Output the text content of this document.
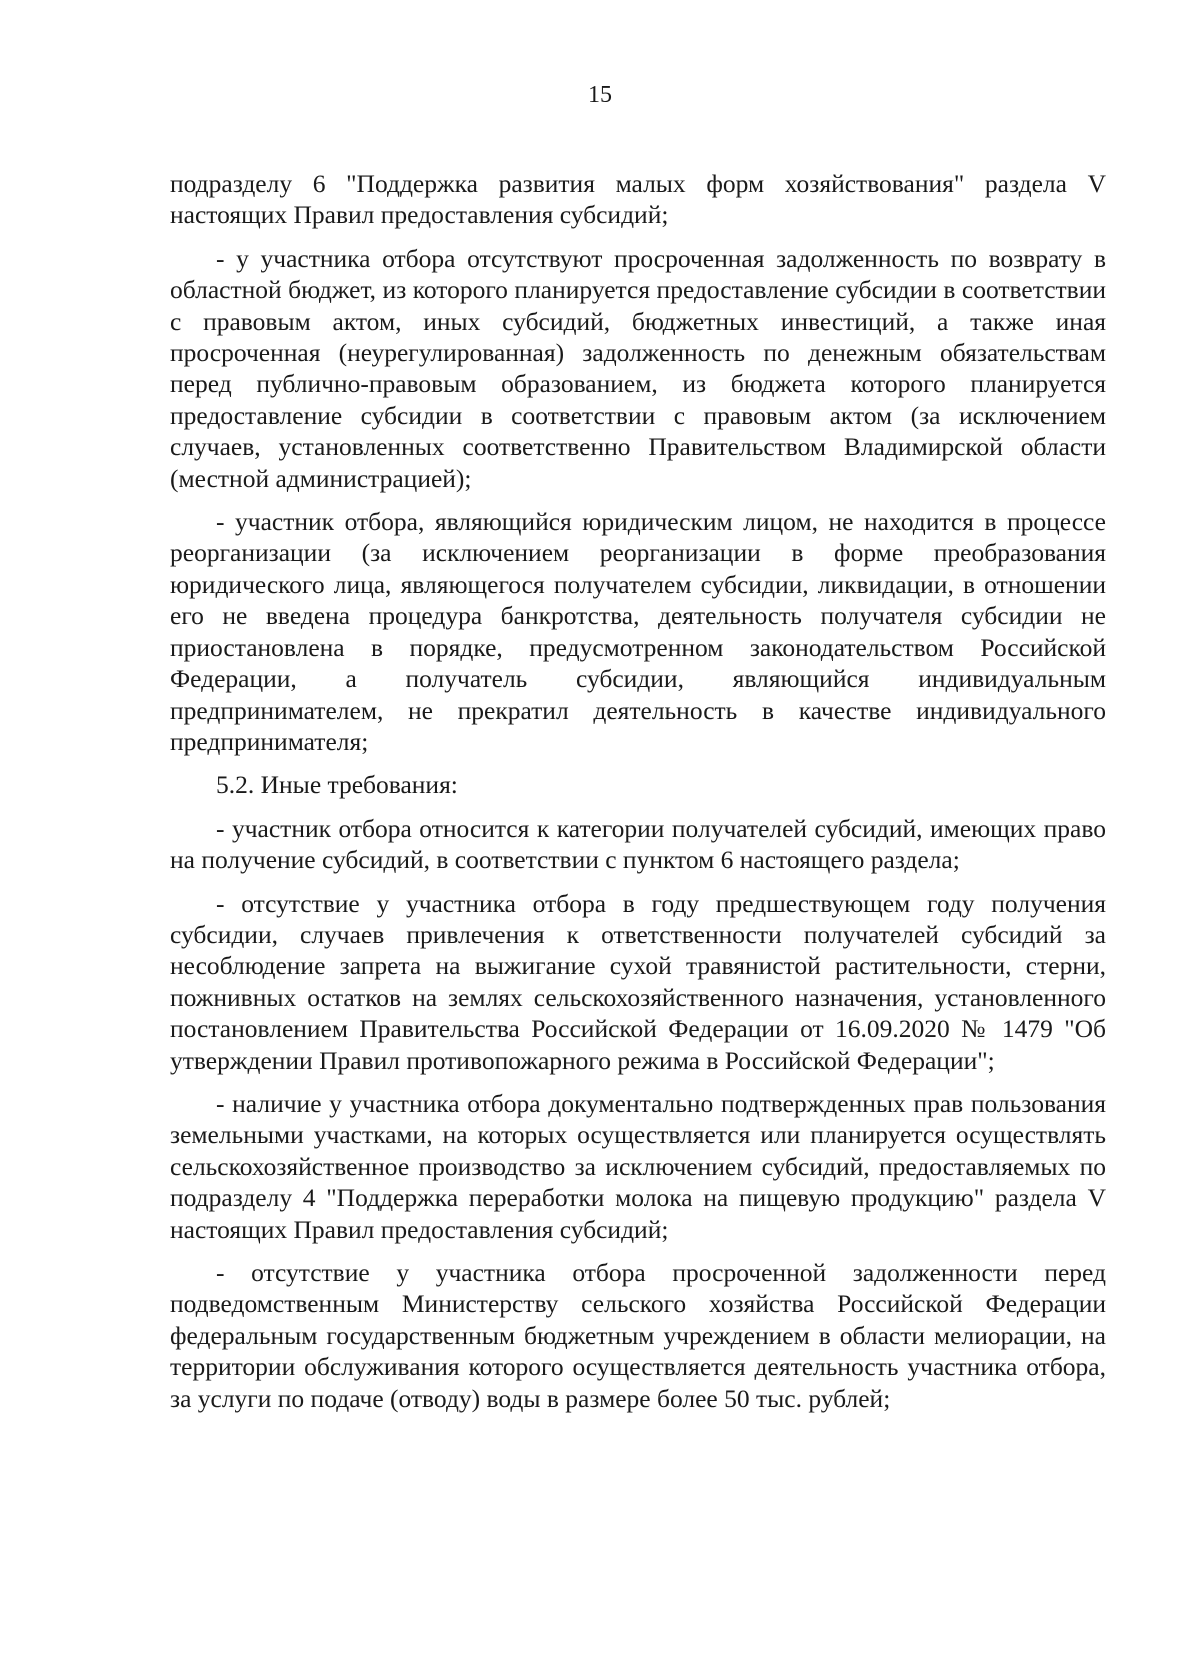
15

подразделу 6 "Поддержка развития малых форм хозяйствования" раздела V настоящих Правил предоставления субсидий;

- у участника отбора отсутствуют просроченная задолженность по возврату в областной бюджет, из которого планируется предоставление субсидии в соответствии с правовым актом, иных субсидий, бюджетных инвестиций, а также иная просроченная (неурегулированная) задолженность по денежным обязательствам перед публично-правовым образованием, из бюджета которого планируется предоставление субсидии в соответствии с правовым актом (за исключением случаев, установленных соответственно Правительством Владимирской области (местной администрацией);

- участник отбора, являющийся юридическим лицом, не находится в процессе реорганизации (за исключением реорганизации в форме преобразования юридического лица, являющегося получателем субсидии, ликвидации, в отношении его не введена процедура банкротства, деятельность получателя субсидии не приостановлена в порядке, предусмотренном законодательством Российской Федерации, а получатель субсидии, являющийся индивидуальным предпринимателем, не прекратил деятельность в качестве индивидуального предпринимателя;

5.2. Иные требования:

- участник отбора относится к категории получателей субсидий, имеющих право на получение субсидий, в соответствии с пунктом 6 настоящего раздела;

- отсутствие у участника отбора в году предшествующем году получения субсидии, случаев привлечения к ответственности получателей субсидий за несоблюдение запрета на выжигание сухой травянистой растительности, стерни, пожнивных остатков на землях сельскохозяйственного назначения, установленного постановлением Правительства Российской Федерации от 16.09.2020 № 1479 "Об утверждении Правил противопожарного режима в Российской Федерации";

- наличие у участника отбора документально подтвержденных прав пользования земельными участками, на которых осуществляется или планируется осуществлять сельскохозяйственное производство за исключением субсидий, предоставляемых по подразделу 4 "Поддержка переработки молока на пищевую продукцию" раздела V настоящих Правил предоставления субсидий;

- отсутствие у участника отбора просроченной задолженности перед подведомственным Министерству сельского хозяйства Российской Федерации федеральным государственным бюджетным учреждением в области мелиорации, на территории обслуживания которого осуществляется деятельность участника отбора, за услуги по подаче (отводу) воды в размере более 50 тыс. рублей;
